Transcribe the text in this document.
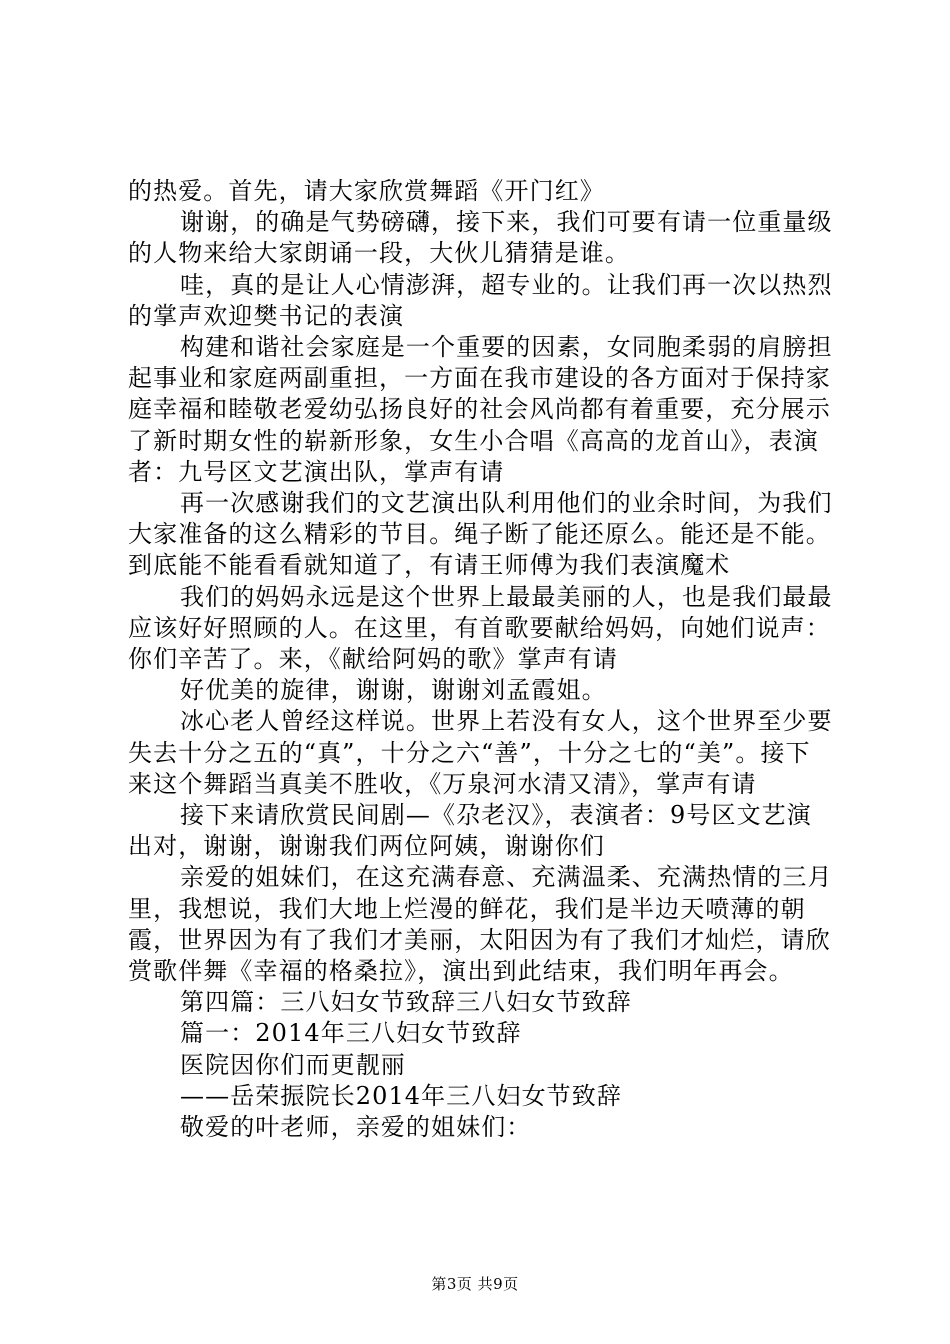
的热爱。首先，请大家欣赏舞蹈《开门红》

谢谢，的确是气势磅礴，接下来，我们可要有请一位重量级的人物来给大家朗诵一段，大伙儿猜猜是谁。

哇，真的是让人心情澎湃，超专业的。让我们再一次以热烈的掌声欢迎樊书记的表演

构建和谐社会家庭是一个重要的因素，女同胞柔弱的肩膀担起事业和家庭两副重担，一方面在我市建设的各方面对于保持家庭幸福和睦敬老爱幼弘扬良好的社会风尚都有着重要，充分展示了新时期女性的崭新形象，女生小合唱《高高的龙首山》，表演者：九号区文艺演出队，掌声有请

再一次感谢我们的文艺演出队利用他们的业余时间，为我们大家准备的这么精彩的节目。绳子断了能还原么。能还是不能。到底能不能看看就知道了，有请王师傅为我们表演魔术

我们的妈妈永远是这个世界上最最美丽的人，也是我们最最应该好好照顾的人。在这里，有首歌要献给妈妈，向她们说声：你们辛苦了。来，《献给阿妈的歌》掌声有请

好优美的旋律，谢谢，谢谢刘孟霞姐。

冰心老人曾经这样说。世界上若没有女人，这个世界至少要失去十分之五的“真”，十分之六“善”，十分之七的“美”。接下来这个舞蹈当真美不胜收，《万泉河水清又清》，掌声有请

接下来请欣赏民间剧—《尕老汉》，表演者：9号区文艺演出对，谢谢，谢谢我们两位阿姨，谢谢你们

亲爱的姐妹们，在这充满春意、充满温柔、充满热情的三月里，我想说，我们大地上烂漫的鲜花，我们是半边天喷薄的朝霞，世界因为有了我们才美丽，太阳因为有了我们才灿烂，请欣赏歌伴舞《幸福的格桑拉》，演出到此结束，我们明年再会。

第四篇：三八妇女节致辞三八妇女节致辞

篇一：2014年三八妇女节致辞

医院因你们而更靓丽

——岳荣振院长2014年三八妇女节致辞

敬爱的叶老师，亲爱的姐妹们：

第3页 共9页
